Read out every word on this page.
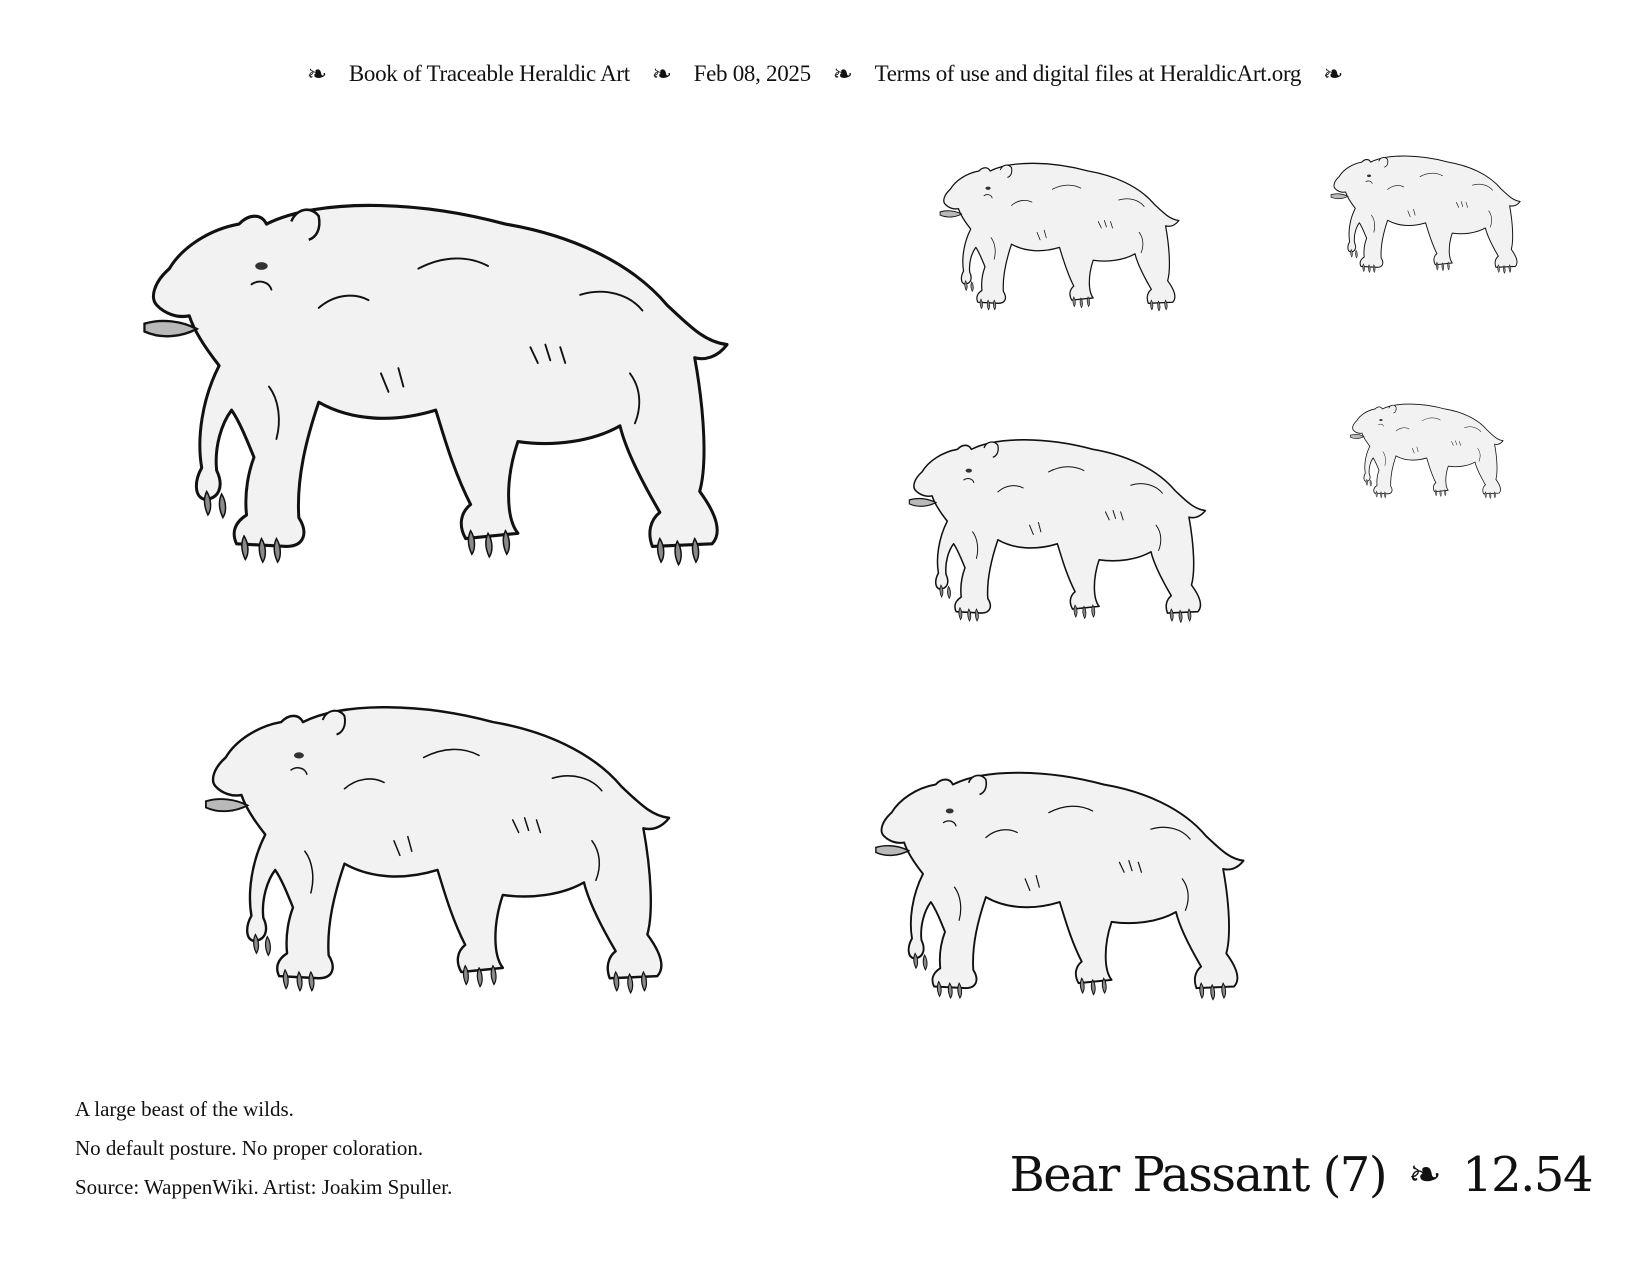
❧ Book of Traceable Heraldic Art ❧ Feb 08, 2025 ❧ Terms of use and digital files at HeraldicArt.org ❧
A large beast of the wilds.
No default posture. No proper coloration.
Source: WappenWiki. Artist: Joakim Spuller.	Bear Passant (7) ❧ 12.54
